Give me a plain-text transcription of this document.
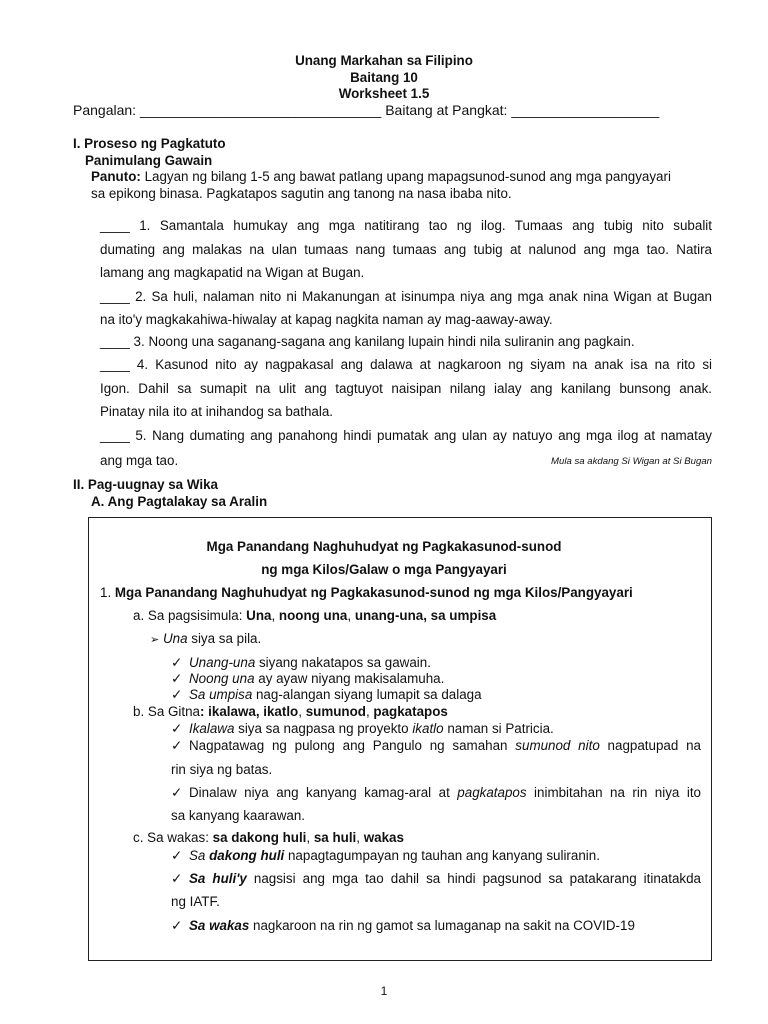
Unang Markahan sa Filipino
Baitang 10
Worksheet 1.5
Pangalan: _______________________________ Baitang at Pangkat: ___________________
I. Proseso ng Pagkatuto
Panimulang Gawain
Panuto: Lagyan ng bilang 1-5 ang bawat patlang upang mapagsunod-sunod ang mga pangyayari
sa epikong binasa. Pagkatapos sagutin ang tanong na nasa ibaba nito.
____ 1. Samantala humukay ang mga natitirang tao ng ilog. Tumaas ang tubig nito subalit
dumating ang malakas na ulan tumaas nang tumaas ang tubig at nalunod ang mga tao. Natira
lamang ang magkapatid na Wigan at Bugan.
____ 2. Sa huli, nalaman nito ni Makanungan at isinumpa niya ang mga anak nina Wigan at Bugan
na ito'y magkakahiwa-hiwalay at kapag nagkita naman ay mag-aaway-away.
____ 3. Noong una saganang-sagana ang kanilang lupain hindi nila suliranin ang pagkain.
____ 4. Kasunod nito ay nagpakasal ang dalawa at nagkaroon ng siyam na anak isa na rito si
Igon. Dahil sa sumapit na ulit ang tagtuyot naisipan nilang ialay ang kanilang bunsong anak.
Pinatay nila ito at inihandog sa bathala.
____ 5. Nang dumating ang panahong hindi pumatak ang ulan ay natuyo ang mga ilog at namatay
ang mga tao.	Mula sa akdang Si Wigan at Si Bugan
II. Pag-uugnay sa Wika
A. Ang Pagtalakay sa Aralin
Mga Panandang Naghuhudyat ng Pagkakasunod-sunod
ng mga Kilos/Galaw o mga Pangyayari
1. Mga Panandang Naghuhudyat ng Pagkakasunod-sunod ng mga Kilos/Pangyayari
a. Sa pagsisimula: Una, noong una, unang-una, sa umpisa
➢ Una siya sa pila.
✓ Unang-una siyang nakatapos sa gawain.
✓ Noong una ay ayaw niyang makisalamuha.
✓ Sa umpisa nag-alangan siyang lumapit sa dalaga
b. Sa Gitna: ikalawa, ikatlo, sumunod, pagkatapos
✓ Ikalawa siya sa nagpasa ng proyekto ikatlo naman si Patricia.
✓ Nagpatawag ng pulong ang Pangulo ng samahan sumunod nito nagpatupad na
rin siya ng batas.
✓ Dinalaw niya ang kanyang kamag-aral at pagkatapos inimbitahan na rin niya ito
sa kanyang kaarawan.
c. Sa wakas: sa dakong huli, sa huli, wakas
✓ Sa dakong huli napagtagumpayan ng tauhan ang kanyang suliranin.
✓ Sa huli'y nagsisi ang mga tao dahil sa hindi pagsunod sa patakarang itinatakda
ng IATF.
✓ Sa wakas nagkaroon na rin ng gamot sa lumaganap na sakit na COVID-19
1
